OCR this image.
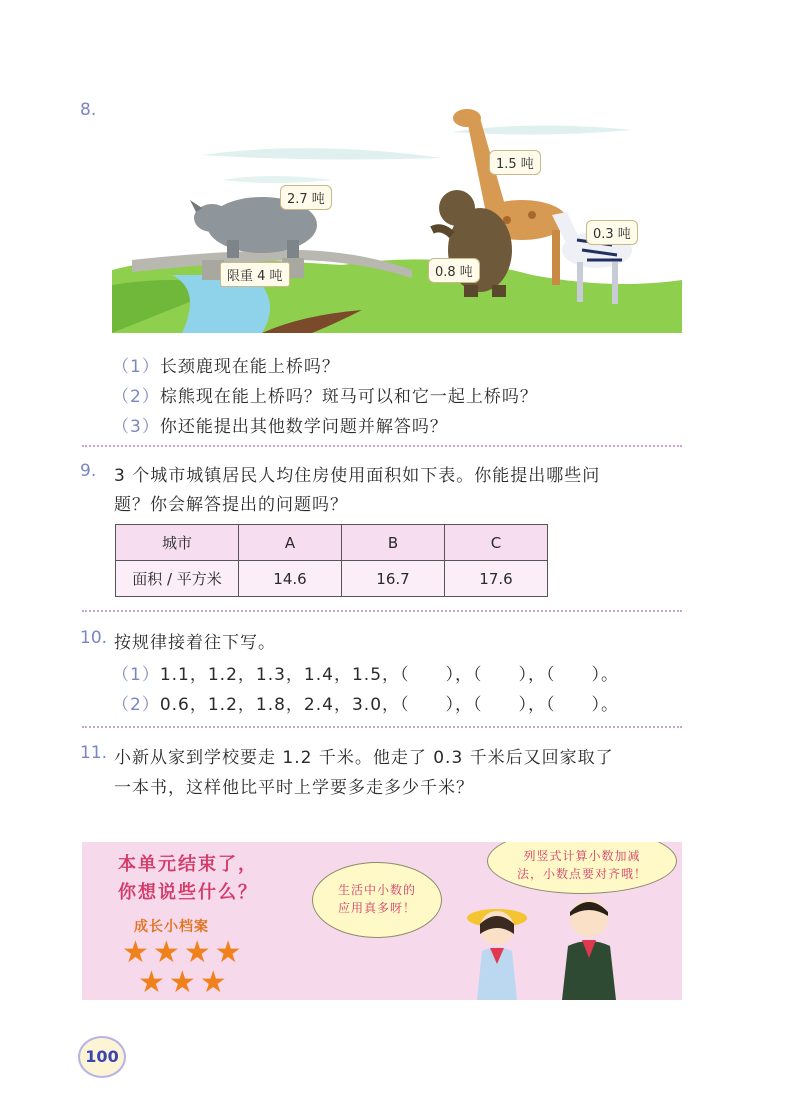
8.
2.7 吨
1.5 吨
0.3 吨
0.8 吨
限重 4 吨
（1）长颈鹿现在能上桥吗？
（2）棕熊现在能上桥吗？斑马可以和它一起上桥吗？
（3）你还能提出其他数学问题并解答吗？
9. 3 个城市城镇居民人均住房使用面积如下表。你能提出哪些问
题？你会解答提出的问题吗？
城市	A	B	C
面积 / 平方米	14.6	16.7	17.6
10. 按规律接着往下写。
（1）1.1，1.2，1.3，1.4，1.5，（　　），（　　），（　　）。
（2）0.6，1.2，1.8，2.4，3.0，（　　），（　　），（　　）。
11. 小新从家到学校要走 1.2 千米。他走了 0.3 千米后又回家取了
一本书，这样他比平时上学要多走多少千米？
本单元结束了，
你想说些什么？
成长小档案
★★★★
★★★
生活中小数的
应用真多呀！
列竖式计算小数加减
法，小数点要对齐哦！
100
